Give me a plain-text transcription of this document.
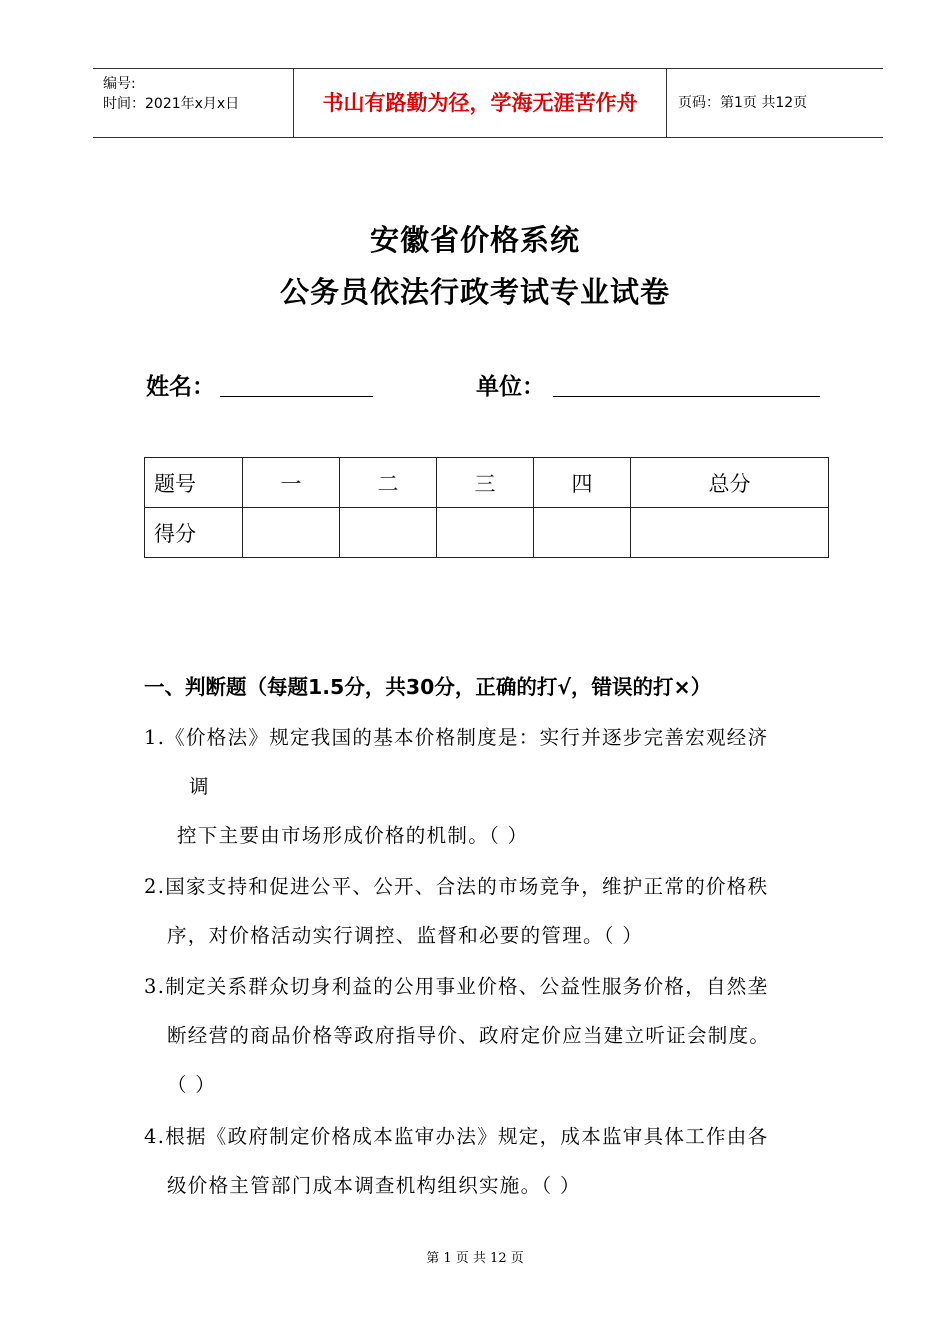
编号:
时间：2021年x月x日	书山有路勤为径，学海无涯苦作舟	页码：第1页 共12页
安徽省价格系统
公务员依法行政考试专业试卷
姓名：	单位：
题号	一	二	三	四	总分
得分					
一、判断题（每题1.5分，共30分，正确的打√，错误的打×）
1.《价格法》规定我国的基本价格制度是：实行并逐步完善宏观经济
调
控下主要由市场形成价格的机制。（ ）
2.国家支持和促进公平、公开、合法的市场竞争，维护正常的价格秩
序，对价格活动实行调控、监督和必要的管理。（ ）
3.制定关系群众切身利益的公用事业价格、公益性服务价格，自然垄
断经营的商品价格等政府指导价、政府定价应当建立听证会制度。
（ ）
4.根据《政府制定价格成本监审办法》规定，成本监审具体工作由各
级价格主管部门成本调查机构组织实施。（ ）
第 1 页 共 12 页
